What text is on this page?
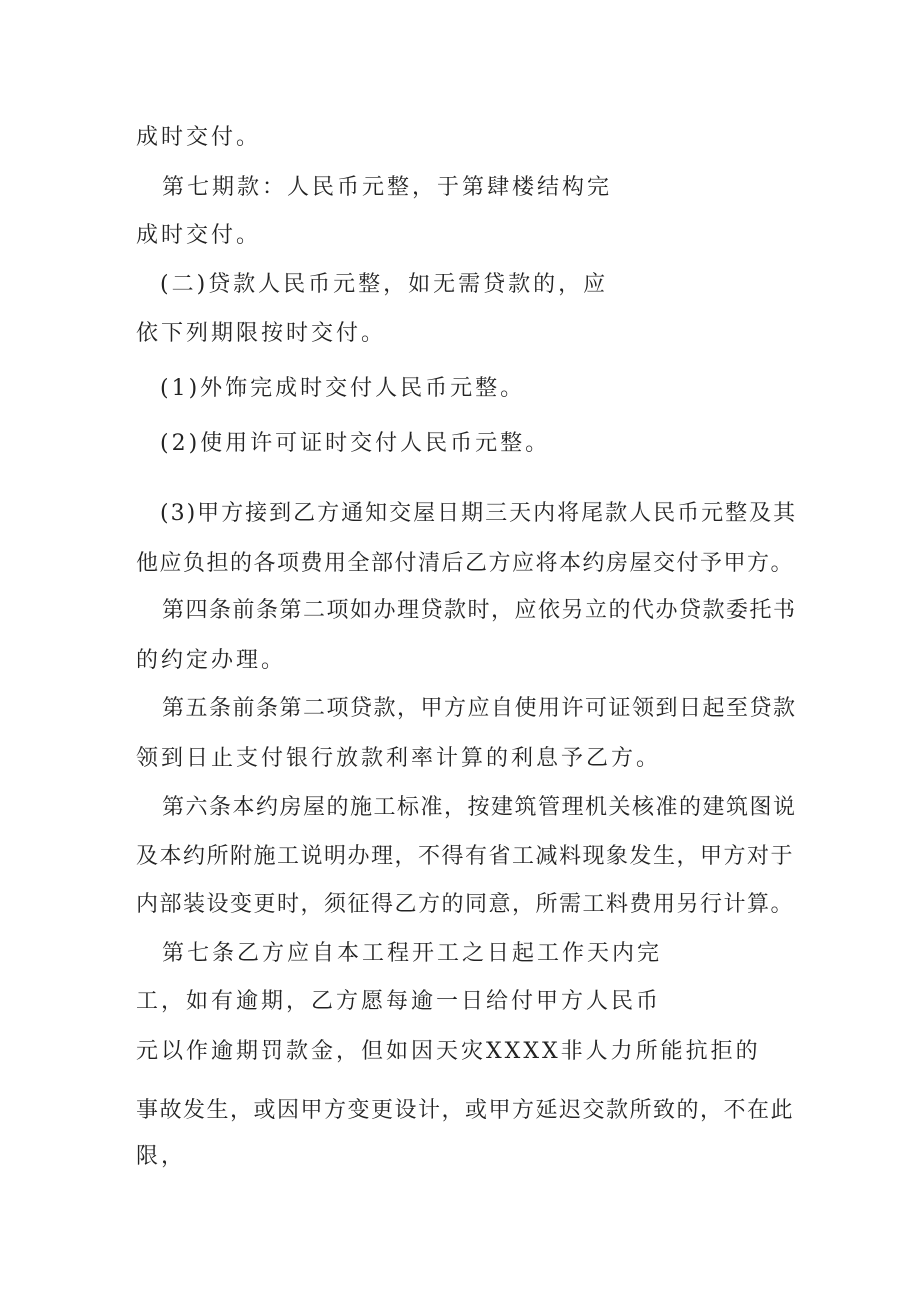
成时交付。
第七期款：人民币元整，于第肆楼结构完
成时交付。
(二)贷款人民币元整，如无需贷款的，应
依下列期限按时交付。
(1)外饰完成时交付人民币元整。
(2)使用许可证时交付人民币元整。
(3)甲方接到乙方通知交屋日期三天内将尾款人民币元整及其
他应负担的各项费用全部付清后乙方应将本约房屋交付予甲方。
第四条前条第二项如办理贷款时，应依另立的代办贷款委托书
的约定办理。
第五条前条第二项贷款，甲方应自使用许可证领到日起至贷款
领到日止支付银行放款利率计算的利息予乙方。
第六条本约房屋的施工标准，按建筑管理机关核准的建筑图说
及本约所附施工说明办理，不得有省工减料现象发生，甲方对于
内部装设变更时，须征得乙方的同意，所需工料费用另行计算。
第七条乙方应自本工程开工之日起工作天内完
工，如有逾期，乙方愿每逾一日给付甲方人民币
元以作逾期罚款金，但如因天灾XXXX非人力所能抗拒的
事故发生，或因甲方变更设计，或甲方延迟交款所致的，不在此
限，
